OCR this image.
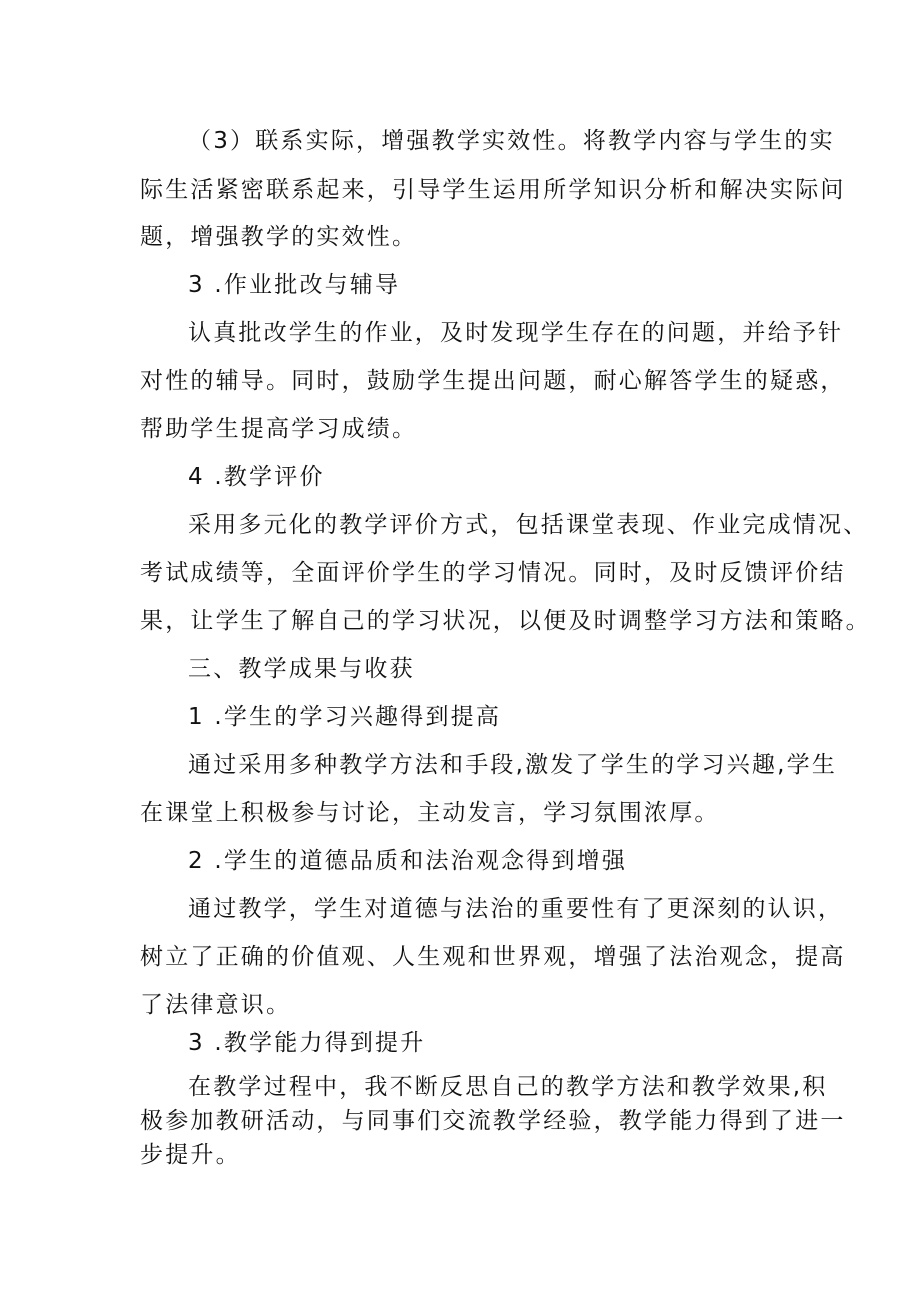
（3）联系实际，增强教学实效性。将教学内容与学生的实
际生活紧密联系起来，引导学生运用所学知识分析和解决实际问
题，增强教学的实效性。
3 .作业批改与辅导
认真批改学生的作业，及时发现学生存在的问题，并给予针
对性的辅导。同时，鼓励学生提出问题，耐心解答学生的疑惑，
帮助学生提高学习成绩。
4 .教学评价
采用多元化的教学评价方式，包括课堂表现、作业完成情况、
考试成绩等，全面评价学生的学习情况。同时，及时反馈评价结
果，让学生了解自己的学习状况，以便及时调整学习方法和策略。
三、教学成果与收获
1 .学生的学习兴趣得到提高
通过采用多种教学方法和手段,激发了学生的学习兴趣,学生
在课堂上积极参与讨论，主动发言，学习氛围浓厚。
2 .学生的道德品质和法治观念得到增强
通过教学，学生对道德与法治的重要性有了更深刻的认识，
树立了正确的价值观、人生观和世界观，增强了法治观念，提高
了法律意识。
3 .教学能力得到提升
在教学过程中，我不断反思自己的教学方法和教学效果,积
极参加教研活动，与同事们交流教学经验，教学能力得到了进一
步提升。
